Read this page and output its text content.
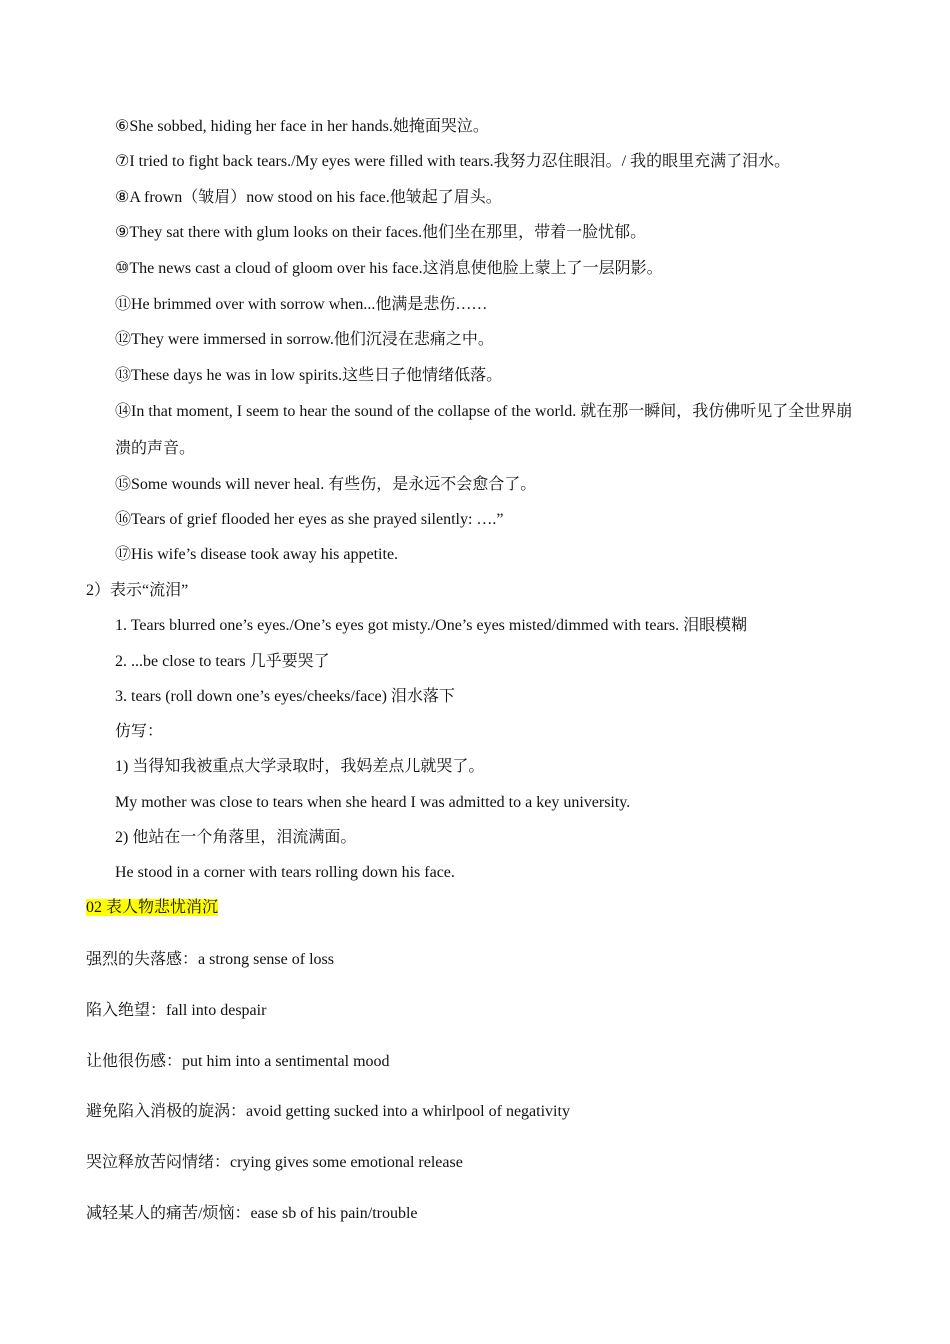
⑥She sobbed, hiding her face in her hands.她掩面哭泣。
⑦I tried to fight back tears./My eyes were filled with tears.我努力忍住眼泪。/ 我的眼里充满了泪水。
⑧A frown（皱眉）now stood on his face.他皱起了眉头。
⑨They sat there with glum looks on their faces.他们坐在那里，带着一脸忧郁。
⑩The news cast a cloud of gloom over his face.这消息使他脸上蒙上了一层阴影。
⑪He brimmed over with sorrow when...他满是悲伤……
⑫They were immersed in sorrow.他们沉浸在悲痛之中。
⑬These days he was in low spirits.这些日子他情绪低落。
⑭In that moment, I seem to hear the sound of the collapse of the world. 就在那一瞬间，我仿佛听见了全世界崩溃的声音。
⑮Some wounds will never heal. 有些伤，是永远不会愈合了。
⑯Tears of grief flooded her eyes as she prayed silently: ….”
⑰His wife’s disease took away his appetite.
2）表示“流泪”
1. Tears blurred one’s eyes./One’s eyes got misty./One’s eyes misted/dimmed with tears. 泪眼模糊
2. ...be close to tears 几乎要哭了
3. tears (roll down one’s eyes/cheeks/face) 泪水落下
仿写：
1) 当得知我被重点大学录取时，我妈差点儿就哭了。
My mother was close to tears when she heard I was admitted to a key university.
2) 他站在一个角落里，泪流满面。
He stood in a corner with tears rolling down his face.
02 表人物悲忧消沉
强烈的失落感：a strong sense of loss
陷入绝望：fall into despair
让他很伤感：put him into a sentimental mood
避免陷入消极的旋涡：avoid getting sucked into a whirlpool of negativity
哭泣释放苦闷情绪：crying gives some emotional release
减轻某人的痛苦/烦恼：ease sb of his pain/trouble
